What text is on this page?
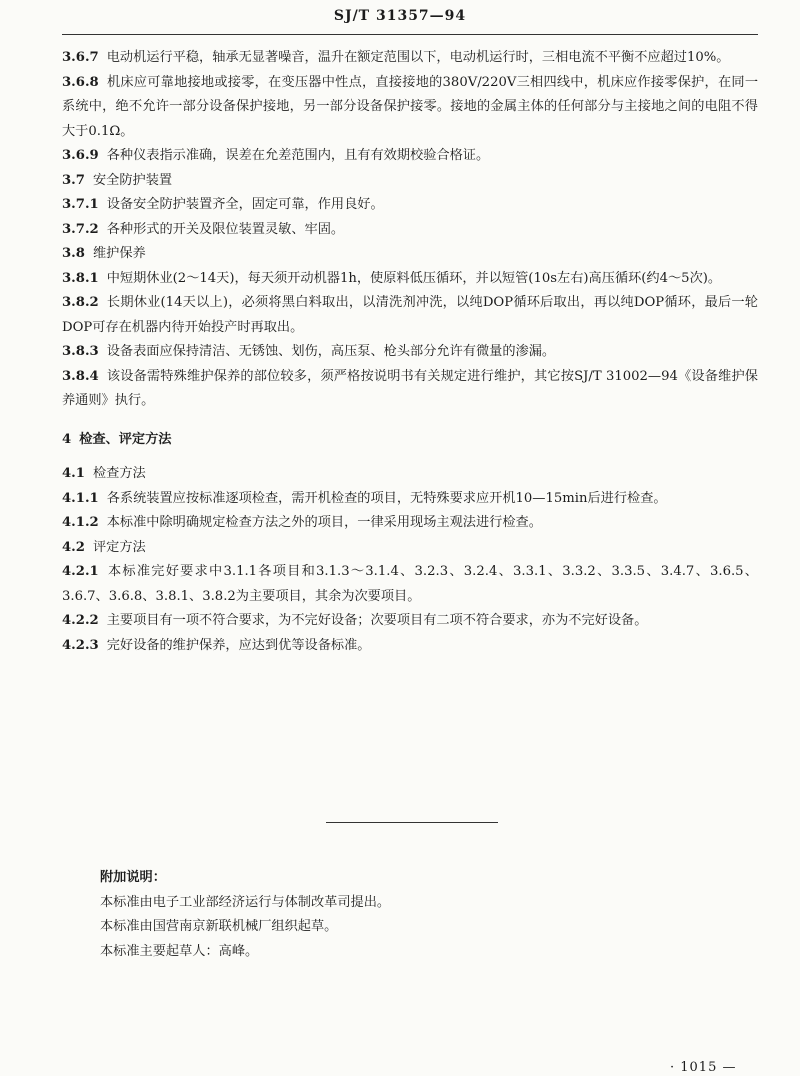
SJ/T 31357—94

3.6.7 电动机运行平稳，轴承无显著噪音，温升在额定范围以下，电动机运行时，三相电流不平衡不应超过10%。

3.6.8 机床应可靠地接地或接零，在变压器中性点，直接接地的380V/220V三相四线中，机床应作接零保护，在同一系统中，绝不允许一部分设备保护接地，另一部分设备保护接零。接地的金属主体的任何部分与主接地之间的电阻不得大于0.1Ω。

3.6.9 各种仪表指示准确，误差在允差范围内，且有有效期校验合格证。

3.7 安全防护装置

3.7.1 设备安全防护装置齐全，固定可靠，作用良好。

3.7.2 各种形式的开关及限位装置灵敏、牢固。

3.8 维护保养

3.8.1 中短期休业(2～14天)，每天须开动机器1h，使原料低压循环，并以短管(10s左右)高压循环(约4～5次)。

3.8.2 长期休业(14天以上)，必须将黑白料取出，以清洗剂冲洗，以纯DOP循环后取出，再以纯DOP循环，最后一轮DOP可存在机器内待开始投产时再取出。

3.8.3 设备表面应保持清洁、无锈蚀、划伤，高压泵、枪头部分允许有微量的渗漏。

3.8.4 该设备需特殊维护保养的部位较多，须严格按说明书有关规定进行维护，其它按SJ/T 31002—94《设备维护保养通则》执行。

4 检查、评定方法

4.1 检查方法

4.1.1 各系统装置应按标准逐项检查，需开机检查的项目，无特殊要求应开机10—15min后进行检查。

4.1.2 本标准中除明确规定检查方法之外的项目，一律采用现场主观法进行检查。

4.2 评定方法

4.2.1 本标准完好要求中3.1.1各项目和3.1.3～3.1.4、3.2.3、3.2.4、3.3.1、3.3.2、3.3.5、3.4.7、3.6.5、3.6.7、3.6.8、3.8.1、3.8.2为主要项目，其余为次要项目。

4.2.2 主要项目有一项不符合要求，为不完好设备；次要项目有二项不符合要求，亦为不完好设备。

4.2.3 完好设备的维护保养，应达到优等设备标准。

附加说明：

本标准由电子工业部经济运行与体制改革司提出。

本标准由国营南京新联机械厂组织起草。

本标准主要起草人：高峰。

· 1015 —
